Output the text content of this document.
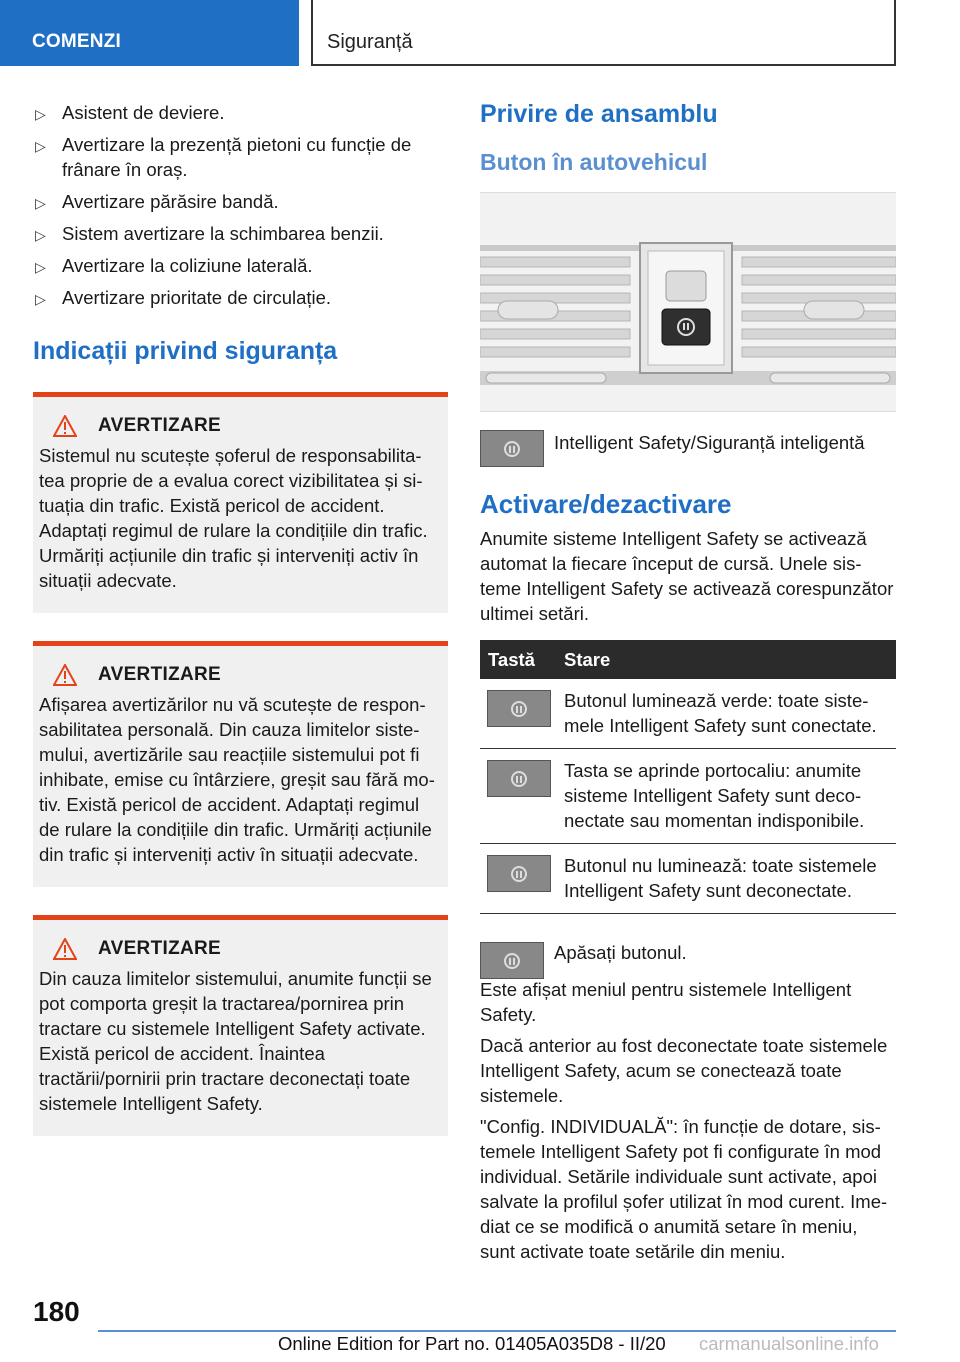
COMENZI	Siguranță
▷ Asistent de deviere.
▷ Avertizare la prezență pietoni cu funcție de frânare în oraș.
▷ Avertizare părăsire bandă.
▷ Sistem avertizare la schimbarea benzii.
▷ Avertizare la coliziune laterală.
▷ Avertizare prioritate de circulație.
Indicații privind siguranța
AVERTIZARE
Sistemul nu scutește șoferul de responsabilitatea proprie de a evalua corect vizibilitatea și situația din trafic. Există pericol de accident. Adaptați regimul de rulare la condițiile din trafic. Urmăriți acțiunile din trafic și interveniți activ în situații adecvate.
AVERTIZARE
Afișarea avertizărilor nu vă scutește de responsabilitatea personală. Din cauza limitelor sistemului, avertizările sau reacțiile sistemului pot fi inhibate, emise cu întârziere, greșit sau fără motiv. Există pericol de accident. Adaptați regimul de rulare la condițiile din trafic. Urmăriți acțiunile din trafic și interveniți activ în situații adecvate.
AVERTIZARE
Din cauza limitelor sistemului, anumite funcții se pot comporta greșit la tractarea/pornirea prin tractare cu sistemele Intelligent Safety activate. Există pericol de accident. Înaintea tractării/pornirii prin tractare deconectați toate sistemele Intelligent Safety.
Privire de ansamblu
Buton în autovehicul
Intelligent Safety/Siguranță inteligentă
Activare/dezactivare
Anumite sisteme Intelligent Safety se activează automat la fiecare început de cursă. Unele sisteme Intelligent Safety se activează corespunzător ultimei setări.
Tastă	Stare

	Butonul luminează verde: toate sistemele Intelligent Safety sunt conectate.

	Tasta se aprinde portocaliu: anumite sisteme Intelligent Safety sunt deconectate sau momentan indisponibile.

	Butonul nu luminează: toate sistemele Intelligent Safety sunt deconectate.
Apăsați butonul.
Este afișat meniul pentru sistemele Intelligent Safety.
Dacă anterior au fost deconectate toate sistemele Intelligent Safety, acum se conectează toate sistemele.
"Config. INDIVIDUALĂ": în funcție de dotare, sistemele Intelligent Safety pot fi configurate în mod individual. Setările individuale sunt activate, apoi salvate la profilul șofer utilizat în mod curent. Imediat ce se modifică o anumită setare în meniu, sunt activate toate setările din meniu.
180
Online Edition for Part no. 01405A035D8 - II/20 carmanualsonline.info
